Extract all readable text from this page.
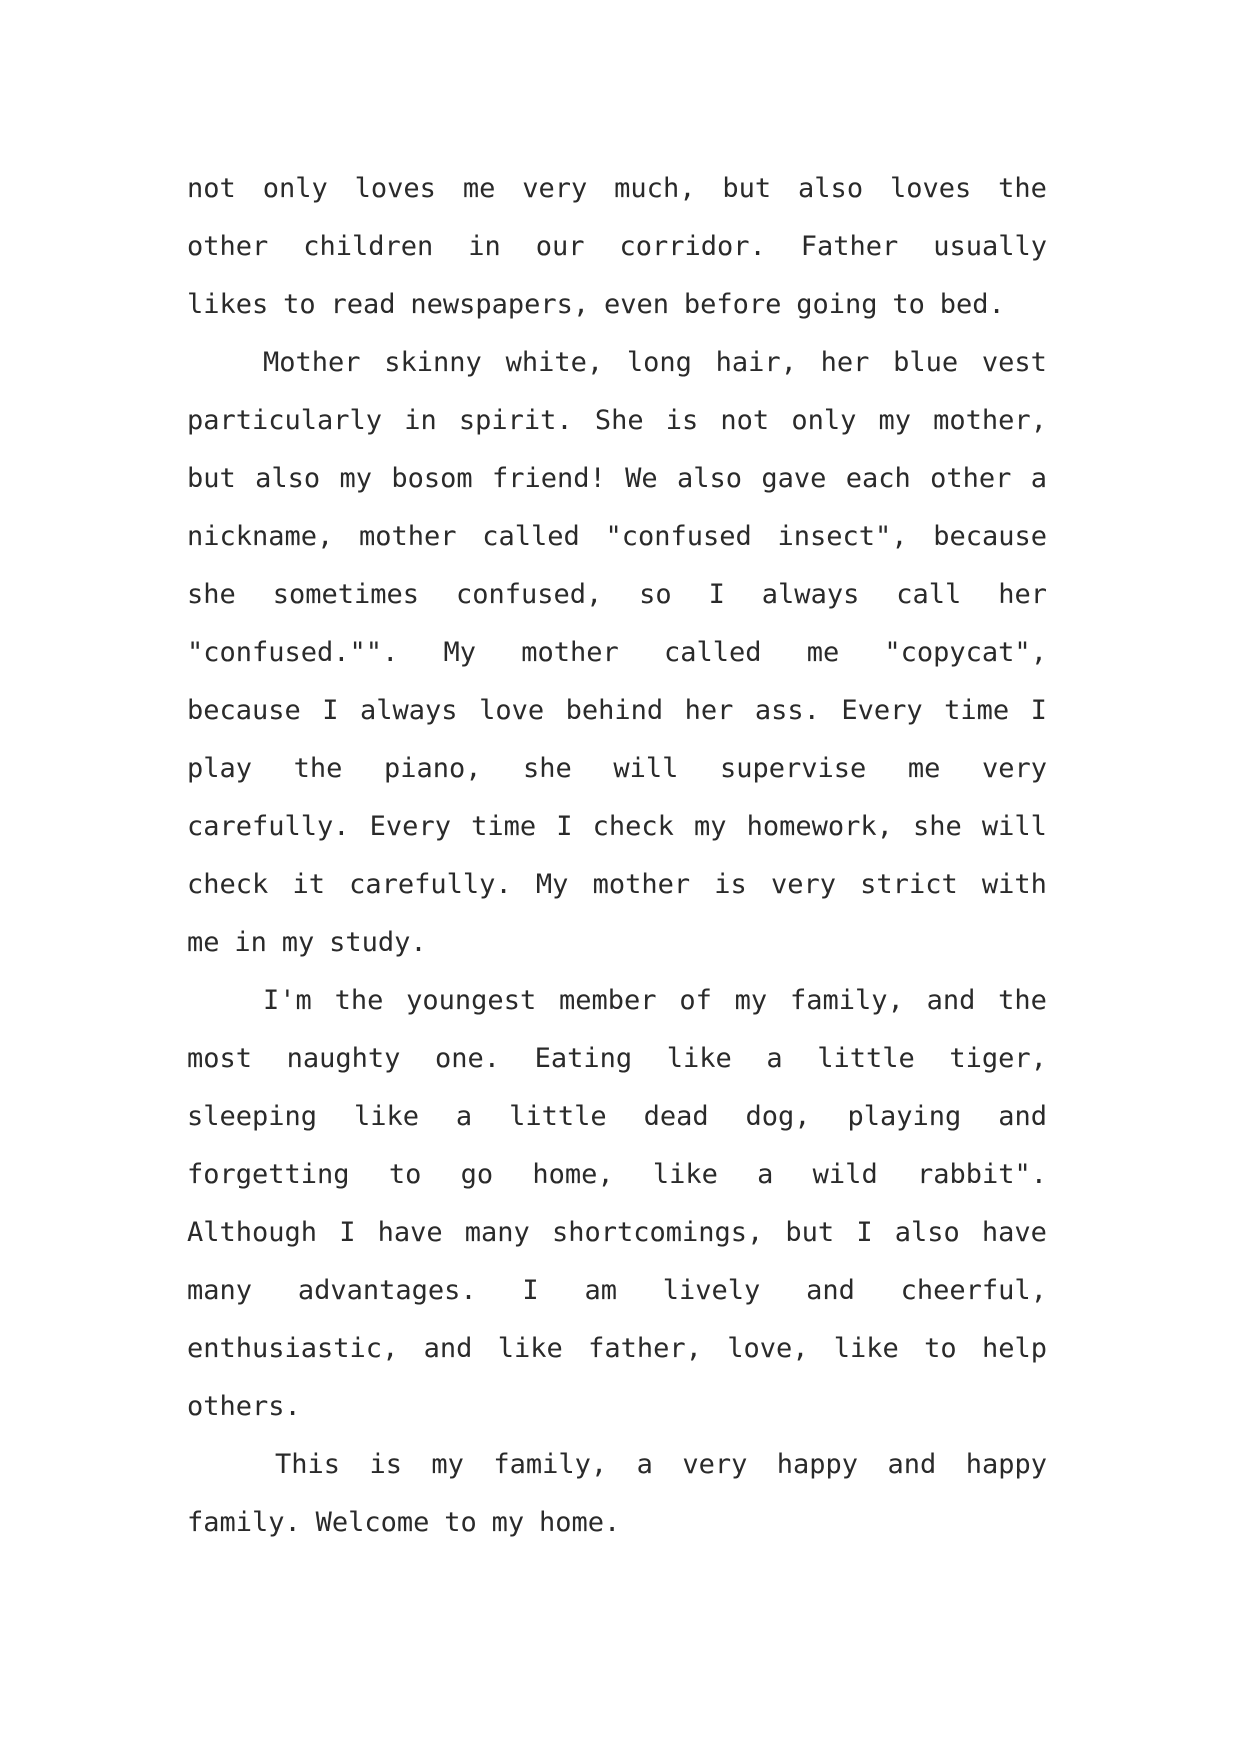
not only loves me very much, but also loves the
other children in our corridor. Father usually
likes to read newspapers, even before going to bed.
Mother skinny white, long hair, her blue vest
particularly in spirit. She is not only my mother,
but also my bosom friend! We also gave each other a
nickname, mother called "confused insect", because
she sometimes confused, so I always call her
"confused."". My mother called me "copycat",
because I always love behind her ass. Every time I
play the piano, she will supervise me very
carefully. Every time I check my homework, she will
check it carefully. My mother is very strict with
me in my study.
I'm the youngest member of my family, and the
most naughty one. Eating like a little tiger,
sleeping like a little dead dog, playing and
forgetting to go home, like a wild rabbit".
Although I have many shortcomings, but I also have
many advantages. I am lively and cheerful,
enthusiastic, and like father, love, like to help
others.
This is my family, a very happy and happy
family. Welcome to my home.
